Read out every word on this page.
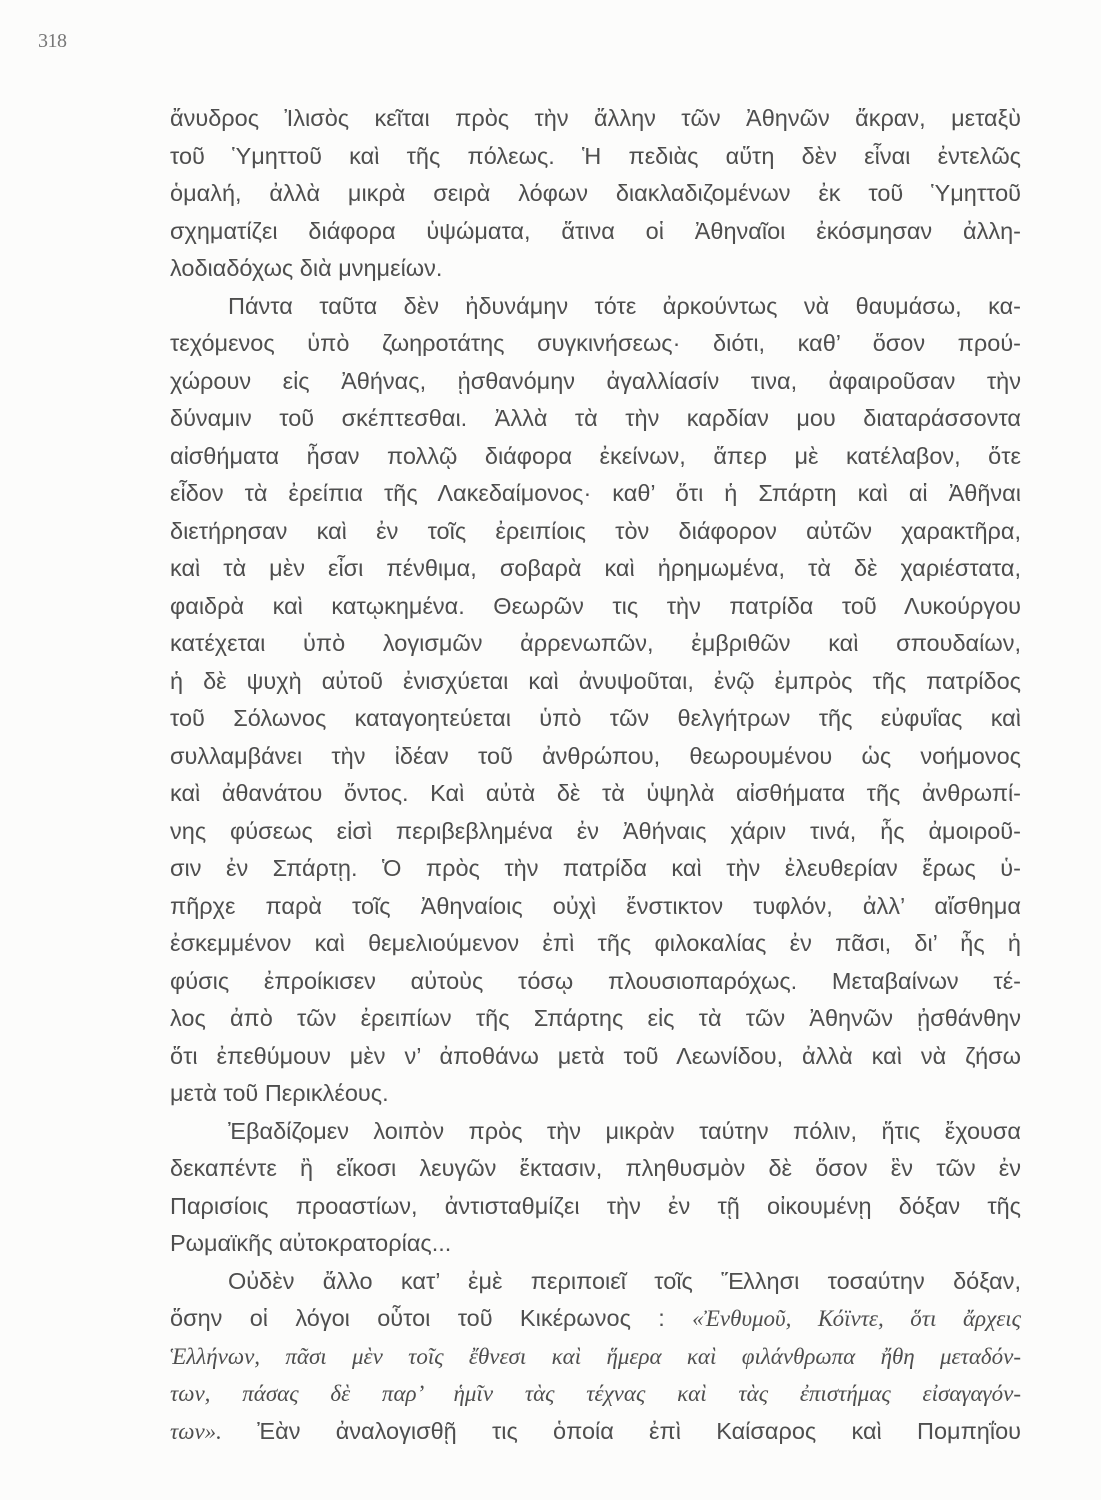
318
ἄνυδρος Ἰλισὸς κεῖται πρὸς τὴν ἄλλην τῶν Ἀθηνῶν ἄκραν, μεταξὺ
τοῦ Ὑμηττοῦ καὶ τῆς πόλεως. Ἡ πεδιὰς αὕτη δὲν εἶναι ἐντελῶς
ὁμαλή, ἀλλὰ μικρὰ σειρὰ λόφων διακλαδιζομένων ἐκ τοῦ Ὑμηττοῦ
σχηματίζει διάφορα ὑψώματα, ἅτινα οἱ Ἀθηναῖοι ἐκόσμησαν ἀλλη-
λοδιαδόχως διὰ μνημείων.
Πάντα ταῦτα δὲν ἠδυνάμην τότε ἀρκούντως νὰ θαυμάσω, κα-
τεχόμενος ὑπὸ ζωηροτάτης συγκινήσεως· διότι, καθ’ ὅσον πρού-
χώρουν εἰς Ἀθήνας, ᾐσθανόμην ἀγαλλίασίν τινα, ἀφαιροῦσαν τὴν
δύναμιν τοῦ σκέπτεσθαι. Ἀλλὰ τὰ τὴν καρδίαν μου διαταράσσοντα
αἰσθήματα ἦσαν πολλῷ διάφορα ἐκείνων, ἅπερ μὲ κατέλαβον, ὅτε
εἶδον τὰ ἐρείπια τῆς Λακεδαίμονος· καθ’ ὅτι ἡ Σπάρτη καὶ αἱ Ἀθῆναι
διετήρησαν καὶ ἐν τοῖς ἐρειπίοις τὸν διάφορον αὐτῶν χαρακτῆρα,
καὶ τὰ μὲν εἶσι πένθιμα, σοβαρὰ καὶ ἠρημωμένα, τὰ δὲ χαριέστατα,
φαιδρὰ καὶ κατῳκημένα. Θεωρῶν τις τὴν πατρίδα τοῦ Λυκούργου
κατέχεται ὑπὸ λογισμῶν ἀρρενωπῶν, ἐμβριθῶν καὶ σπουδαίων,
ἡ δὲ ψυχὴ αὐτοῦ ἐνισχύεται καὶ ἀνυψοῦται, ἐνῷ ἐμπρὸς τῆς πατρίδος
τοῦ Σόλωνος καταγοητεύεται ὑπὸ τῶν θελγήτρων τῆς εὐφυΐας καὶ
συλλαμβάνει τὴν ἰδέαν τοῦ ἀνθρώπου, θεωρουμένου ὡς νοήμονος
καὶ ἀθανάτου ὄντος. Καὶ αὐτὰ δὲ τὰ ὑψηλὰ αἰσθήματα τῆς ἀνθρωπί-
νης φύσεως εἰσὶ περιβεβλημένα ἐν Ἀθήναις χάριν τινά, ἧς ἀμοιροῦ-
σιν ἐν Σπάρτῃ. Ὁ πρὸς τὴν πατρίδα καὶ τὴν ἐλευθερίαν ἔρως ὑ-
πῆρχε παρὰ τοῖς Ἀθηναίοις οὐχὶ ἔνστικτον τυφλόν, ἀλλ’ αἴσθημα
ἐσκεμμένον καὶ θεμελιούμενον ἐπὶ τῆς φιλοκαλίας ἐν πᾶσι, δι’ ἧς ἡ
φύσις ἐπροίκισεν αὐτοὺς τόσῳ πλουσιοπαρόχως. Μεταβαίνων τέ-
λος ἀπὸ τῶν ἐρειπίων τῆς Σπάρτης εἰς τὰ τῶν Ἀθηνῶν ᾐσθάνθην
ὅτι ἐπεθύμουν μὲν ν’ ἀποθάνω μετὰ τοῦ Λεωνίδου, ἀλλὰ καὶ νὰ ζήσω
μετὰ τοῦ Περικλέους.
Ἐβαδίζομεν λοιπὸν πρὸς τὴν μικρὰν ταύτην πόλιν, ἥτις ἔχουσα
δεκαπέντε ἢ εἴκοσι λευγῶν ἔκτασιν, πληθυσμὸν δὲ ὅσον ἓν τῶν ἐν
Παρισίοις προαστίων, ἀντισταθμίζει τὴν ἐν τῇ οἰκουμένῃ δόξαν τῆς
Ρωμαϊκῆς αὐτοκρατορίας...
Οὐδὲν ἄλλο κατ’ ἐμὲ περιποιεῖ τοῖς Ἕλλησι τοσαύτην δόξαν,
ὅσην οἱ λόγοι οὗτοι τοῦ Κικέρωνος : «Ἐνθυμοῦ, Κόϊντε, ὅτι ἄρχεις
Ἑλλήνων, πᾶσι μὲν τοῖς ἔθνεσι καὶ ἥμερα καὶ φιλάνθρωπα ἤθη μεταδόν-
των, πάσας δὲ παρ’ ἡμῖν τὰς τέχνας καὶ τὰς ἐπιστήμας εἰσαγαγόν-
των». Ἐὰν ἀναλογισθῇ τις ὁποία ἐπὶ Καίσαρος καὶ Πομπηΐου
